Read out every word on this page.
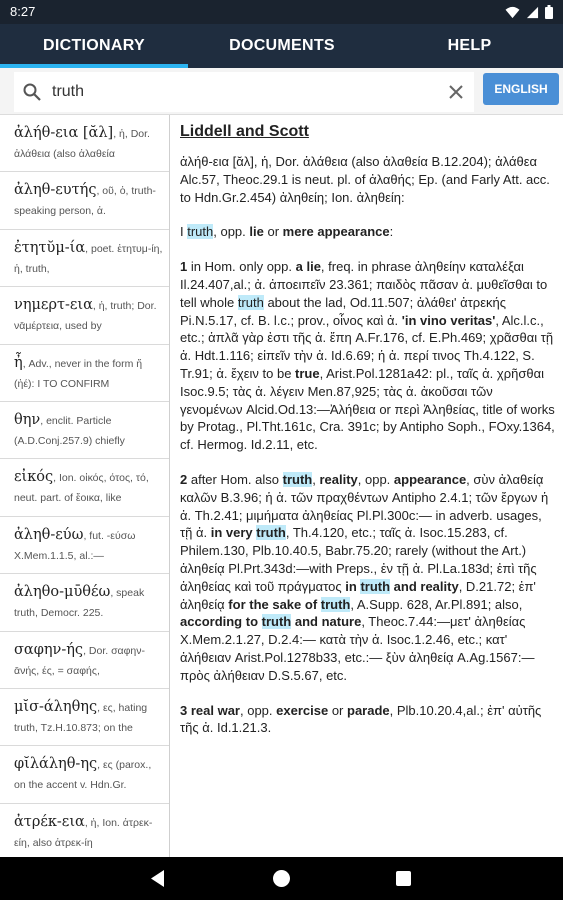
8:27
DICTIONARY	DOCUMENTS	HELP
truth
ENGLISH
ἀλήθ-εια [ᾰλ], ἡ, Dor. ἀλάθεια (also ἀλαθεία
ἀληθ-ευτής, οῦ, ὁ, truth-speaking person, ἀ.
ἐτητῠμ-ία, poet. ἐτητυμ-ίη, ἡ, truth,
νημερτ-εια, ἡ, truth; Dor. νᾱμέρτεια, used by
ἦ, Adv., never in the form ἤ (ἠέ): I TO CONFIRM
θην, enclit. Particle (A.D.Conj.257.9) chiefly
εἰκός, Ion. οἰκός, ότος, τό, neut. part. of ἔοικα, like
ἀληθ-εύω, fut. -εύσω X.Mem.1.1.5, al.:—
ἀληθο-μῡθέω, speak truth, Democr. 225.
σαφην-ής, Dor. σαφην-ᾱνής, ές, = σαφής,
μῐσ-άληθης, ες, hating truth, Tz.H.10.873; on the
φῐλάληθ-ης, ες (parox., on the accent v. Hdn.Gr.
ἀτρέκ-εια, ἡ, Ion. ἀτρεκ-είη, also ἀτρεκ-ίη
Liddell and Scott

ἀλήθ-εια [ᾰλ], ἡ, Dor. ἀλάθεια (also ἀλαθεία B.12.204); ἀλάθεα Alc.57, Theoc.29.1 is neut. pl. of ἀλαθής; Ep. (and Farly Att. acc. to Hdn.Gr.2.454) ἀληθείη; Ion. ἀληθείη:

I truth, opp. lie or mere appearance:

1 in Hom. only opp. a lie, freq. in phrase ἀληθείην καταλέξαι Il.24.407,al.; ἀ. ἀποειπεῖν 23.361; παιδὸς πᾶσαν ἀ. μυθεῖσθαι to tell whole truth about the lad, Od.11.507; ἀλάθει' ἀτρεκής Pi.N.5.17, cf. B. l.c.; prov., οἶνος καὶ ἀ. 'in vino veritas', Alc.l.c., etc.; ἁπλᾶ γὰρ ἐστι τῆς ἀ. ἔπη A.Fr.176, cf. E.Ph.469; χρᾶσθαι τῇ ἀ. Hdt.1.116; εἰπεῖν τὴν ἀ. Id.6.69; ἡ ἀ. περί τινος Th.4.122, S. Tr.91; ἀ. ἔχειν to be true, Arist.Pol.1281a42: pl., ταῖς ἀ. χρῆσθαι Isoc.9.5; τὰς ἀ. λέγειν Men.87,925; τὰς ἀ. ἀκοῦσαι τῶν γενομένων Alcid.Od.13:—Ἀλήθεια or περὶ Ἀληθείας, title of works by Protag., Pl.Tht.161c, Cra. 391c; by Antipho Soph., FOxy.1364, cf. Hermog. Id.2.11, etc.

2 after Hom. also truth, reality, opp. appearance, σὺν ἀλαθείᾳ καλῶν B.3.96; ἡ ἀ. τῶν πραχθέντων Antipho 2.4.1; τῶν ἔργων ἡ ἀ. Th.2.41; μιμήματα ἀληθείας Pl.Pl.300c:— in adverb. usages, τῇ ἀ. in very truth, Th.4.120, etc.; ταῖς ἀ. Isoc.15.283, cf. Philem.130, Plb.10.40.5, Babr.75.20; rarely (without the Art.) ἀληθείᾳ Pl.Prt.343d:—with Preps., ἐν τῇ ἀ. Pl.La.183d; ἐπὶ τῆς ἀληθείας καὶ τοῦ πράγματος in truth and reality, D.21.72; ἐπ' ἀληθείᾳ for the sake of truth, A.Supp. 628, Ar.Pl.891; also, according to truth and nature, Theoc.7.44:—μετ' ἀληθείας X.Mem.2.1.27, D.2.4:— κατὰ τὴν ἀ. Isoc.1.2.46, etc.; κατ' ἀλήθειαν Arist.Pol.1278b33, etc.:— ξὺν ἀληθείᾳ A.Ag.1567:—πρὸς ἀλήθειαν D.S.5.67, etc.

3 real war, opp. exercise or parade, Plb.10.20.4,al.; ἐπ' αὐτῆς τῆς ἀ. Id.1.21.3.
